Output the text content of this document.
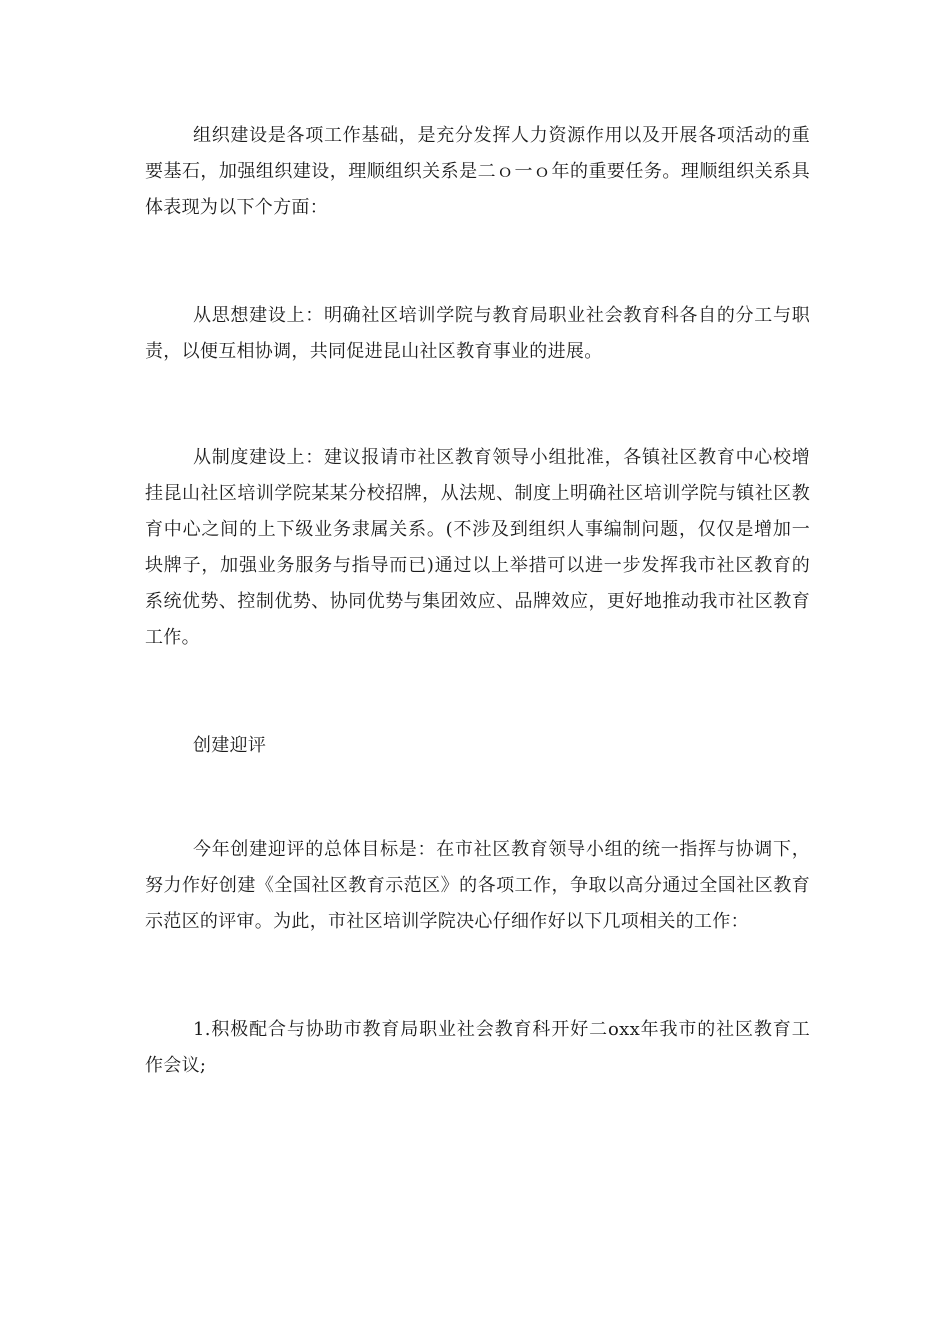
组织建设是各项工作基础，是充分发挥人力资源作用以及开展各项活动的重要基石，加强组织建设，理顺组织关系是二ｏ一ｏ年的重要任务。理顺组织关系具体表现为以下个方面：

从思想建设上：明确社区培训学院与教育局职业社会教育科各自的分工与职责，以便互相协调，共同促进昆山社区教育事业的进展。

从制度建设上：建议报请市社区教育领导小组批准，各镇社区教育中心校增挂昆山社区培训学院某某分校招牌，从法规、制度上明确社区培训学院与镇社区教育中心之间的上下级业务隶属关系。(不涉及到组织人事编制问题，仅仅是增加一块牌子，加强业务服务与指导而已)通过以上举措可以进一步发挥我市社区教育的系统优势、控制优势、协同优势与集团效应、品牌效应，更好地推动我市社区教育工作。

创建迎评

今年创建迎评的总体目标是：在市社区教育领导小组的统一指挥与协调下，努力作好创建《全国社区教育示范区》的各项工作，争取以高分通过全国社区教育示范区的评审。为此，市社区培训学院决心仔细作好以下几项相关的工作：

1.积极配合与协助市教育局职业社会教育科开好二oxx年我市的社区教育工作会议;
